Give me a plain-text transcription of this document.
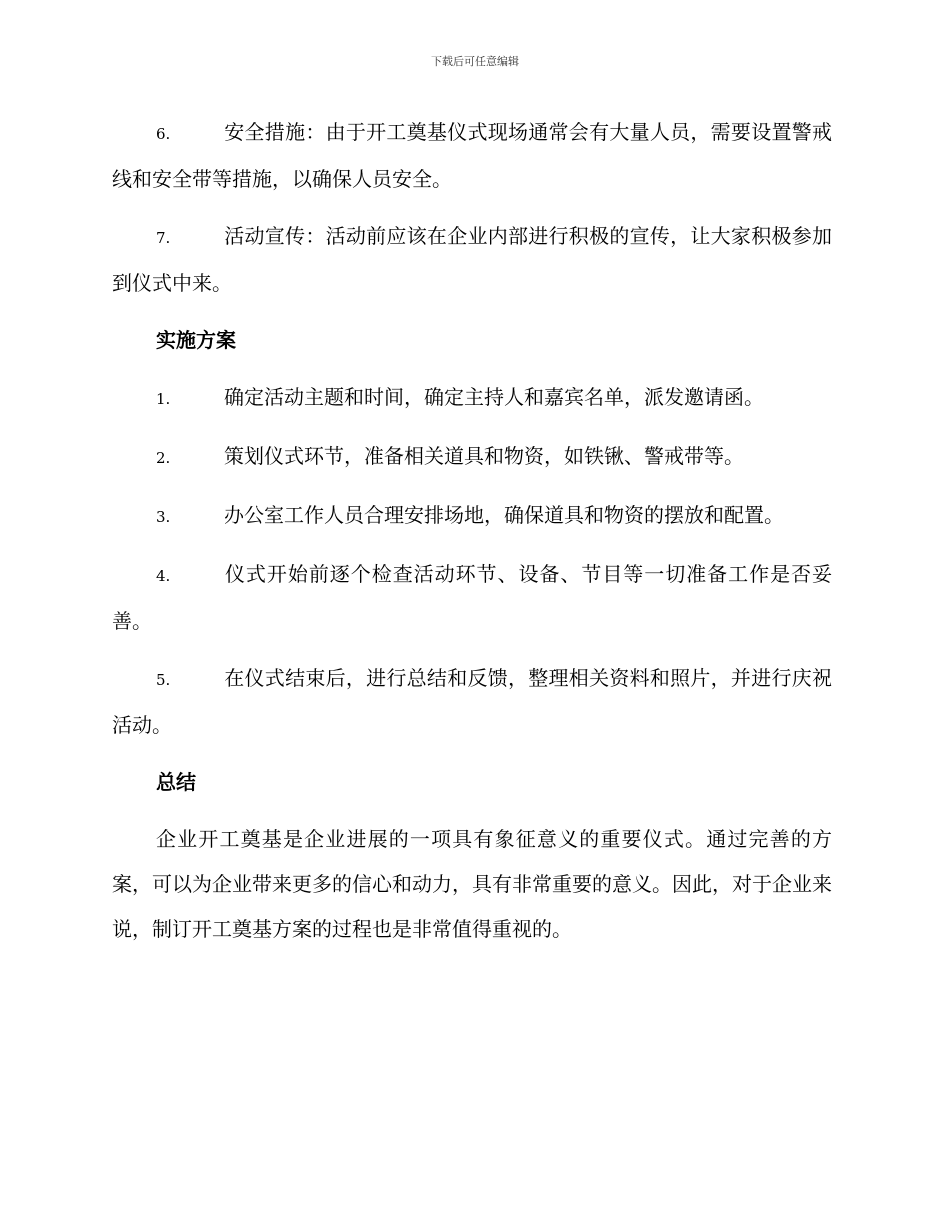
下载后可任意编辑

6.	安全措施：由于开工奠基仪式现场通常会有大量人员，需要设置警戒线和安全带等措施，以确保人员安全。

7.	活动宣传：活动前应该在企业内部进行积极的宣传，让大家积极参加到仪式中来。

实施方案

1.	确定活动主题和时间，确定主持人和嘉宾名单，派发邀请函。

2.	策划仪式环节，准备相关道具和物资，如铁锹、警戒带等。

3.	办公室工作人员合理安排场地，确保道具和物资的摆放和配置。

4.	仪式开始前逐个检查活动环节、设备、节目等一切准备工作是否妥善。

5.	在仪式结束后，进行总结和反馈，整理相关资料和照片，并进行庆祝活动。

总结

企业开工奠基是企业进展的一项具有象征意义的重要仪式。通过完善的方案，可以为企业带来更多的信心和动力，具有非常重要的意义。因此，对于企业来说，制订开工奠基方案的过程也是非常值得重视的。
